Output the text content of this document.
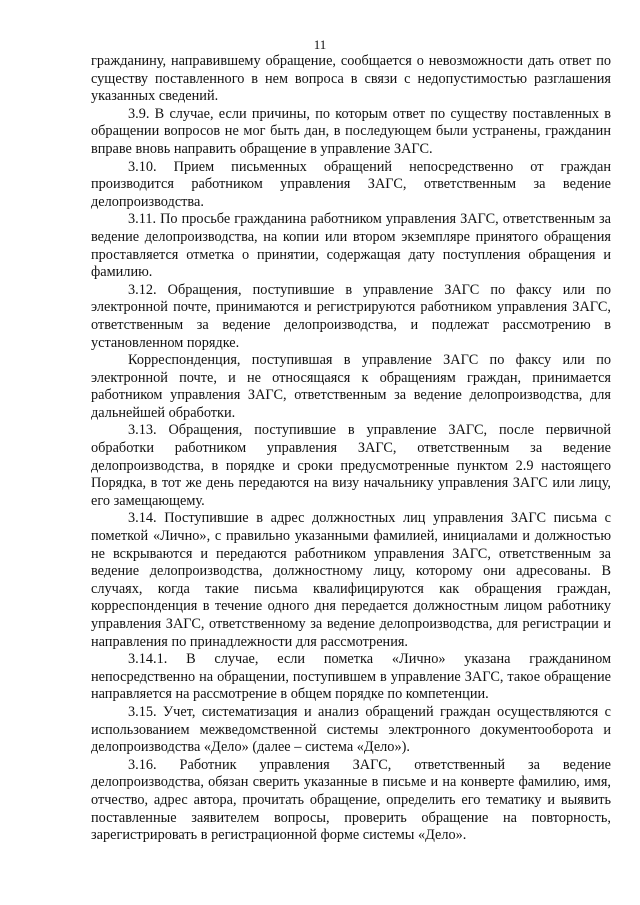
11

гражданину, направившему обращение, сообщается о невозможности дать ответ по существу поставленного в нем вопроса в связи с недопустимостью разглашения указанных сведений.

3.9. В случае, если причины, по которым ответ по существу поставленных в обращении вопросов не мог быть дан, в последующем были устранены, гражданин вправе вновь направить обращение в управление ЗАГС.

3.10. Прием письменных обращений непосредственно от граждан производится работником управления ЗАГС, ответственным за ведение делопроизводства.

3.11. По просьбе гражданина работником управления ЗАГС, ответственным за ведение делопроизводства, на копии или втором экземпляре принятого обращения проставляется отметка о принятии, содержащая дату поступления обращения и фамилию.

3.12. Обращения, поступившие в управление ЗАГС по факсу или по электронной почте, принимаются и регистрируются работником управления ЗАГС, ответственным за ведение делопроизводства, и подлежат рассмотрению в установленном порядке.

Корреспонденция, поступившая в управление ЗАГС по факсу или по электронной почте, и не относящаяся к обращениям граждан, принимается работником управления ЗАГС, ответственным за ведение делопроизводства, для дальнейшей обработки.

3.13. Обращения, поступившие в управление ЗАГС, после первичной обработки работником управления ЗАГС, ответственным за ведение делопроизводства, в порядке и сроки предусмотренные пунктом 2.9 настоящего Порядка, в тот же день передаются на визу начальнику управления ЗАГС или лицу, его замещающему.

3.14. Поступившие в адрес должностных лиц управления ЗАГС письма с пометкой «Лично», с правильно указанными фамилией, инициалами и должностью не вскрываются и передаются работником управления ЗАГС, ответственным за ведение делопроизводства, должностному лицу, которому они адресованы. В случаях, когда такие письма квалифицируются как обращения граждан, корреспонденция в течение одного дня передается должностным лицом работнику управления ЗАГС, ответственному за ведение делопроизводства, для регистрации и направления по принадлежности для рассмотрения.

3.14.1. В случае, если пометка «Лично» указана гражданином непосредственно на обращении, поступившем в управление ЗАГС, такое обращение направляется на рассмотрение в общем порядке по компетенции.

3.15. Учет, систематизация и анализ обращений граждан осуществляются с использованием межведомственной системы электронного документооборота и делопроизводства «Дело» (далее – система «Дело»).

3.16. Работник управления ЗАГС, ответственный за ведение делопроизводства, обязан сверить указанные в письме и на конверте фамилию, имя, отчество, адрес автора, прочитать обращение, определить его тематику и выявить поставленные заявителем вопросы, проверить обращение на повторность, зарегистрировать в регистрационной форме системы «Дело».
